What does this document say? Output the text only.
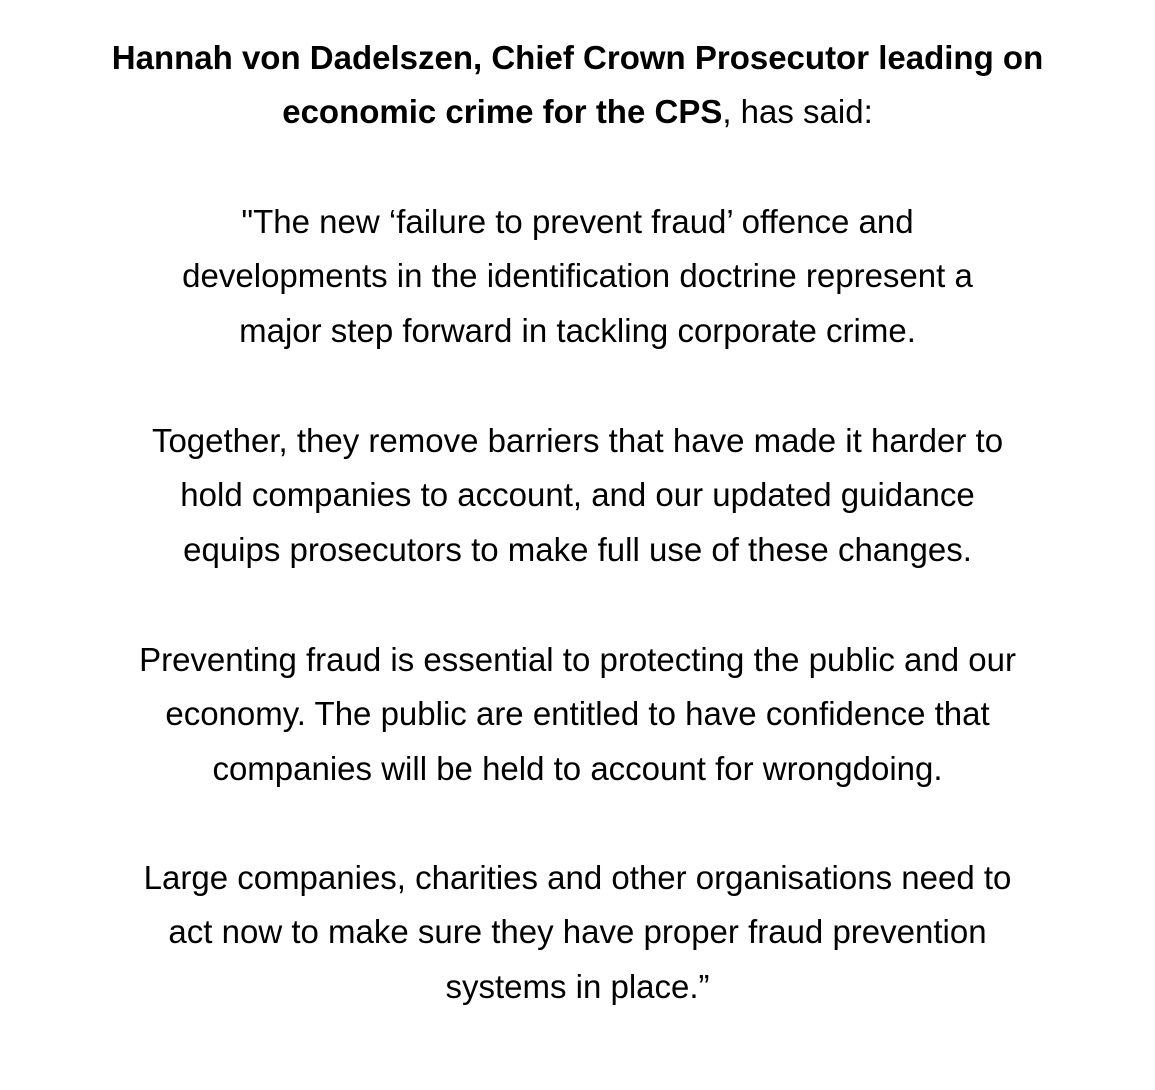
Hannah von Dadelszen, Chief Crown Prosecutor leading on
economic crime for the CPS, has said:
"The new ‘failure to prevent fraud’ offence and
developments in the identification doctrine represent a
major step forward in tackling corporate crime.
Together, they remove barriers that have made it harder to
hold companies to account, and our updated guidance
equips prosecutors to make full use of these changes.
Preventing fraud is essential to protecting the public and our
economy. The public are entitled to have confidence that
companies will be held to account for wrongdoing.
Large companies, charities and other organisations need to
act now to make sure they have proper fraud prevention
systems in place.”
